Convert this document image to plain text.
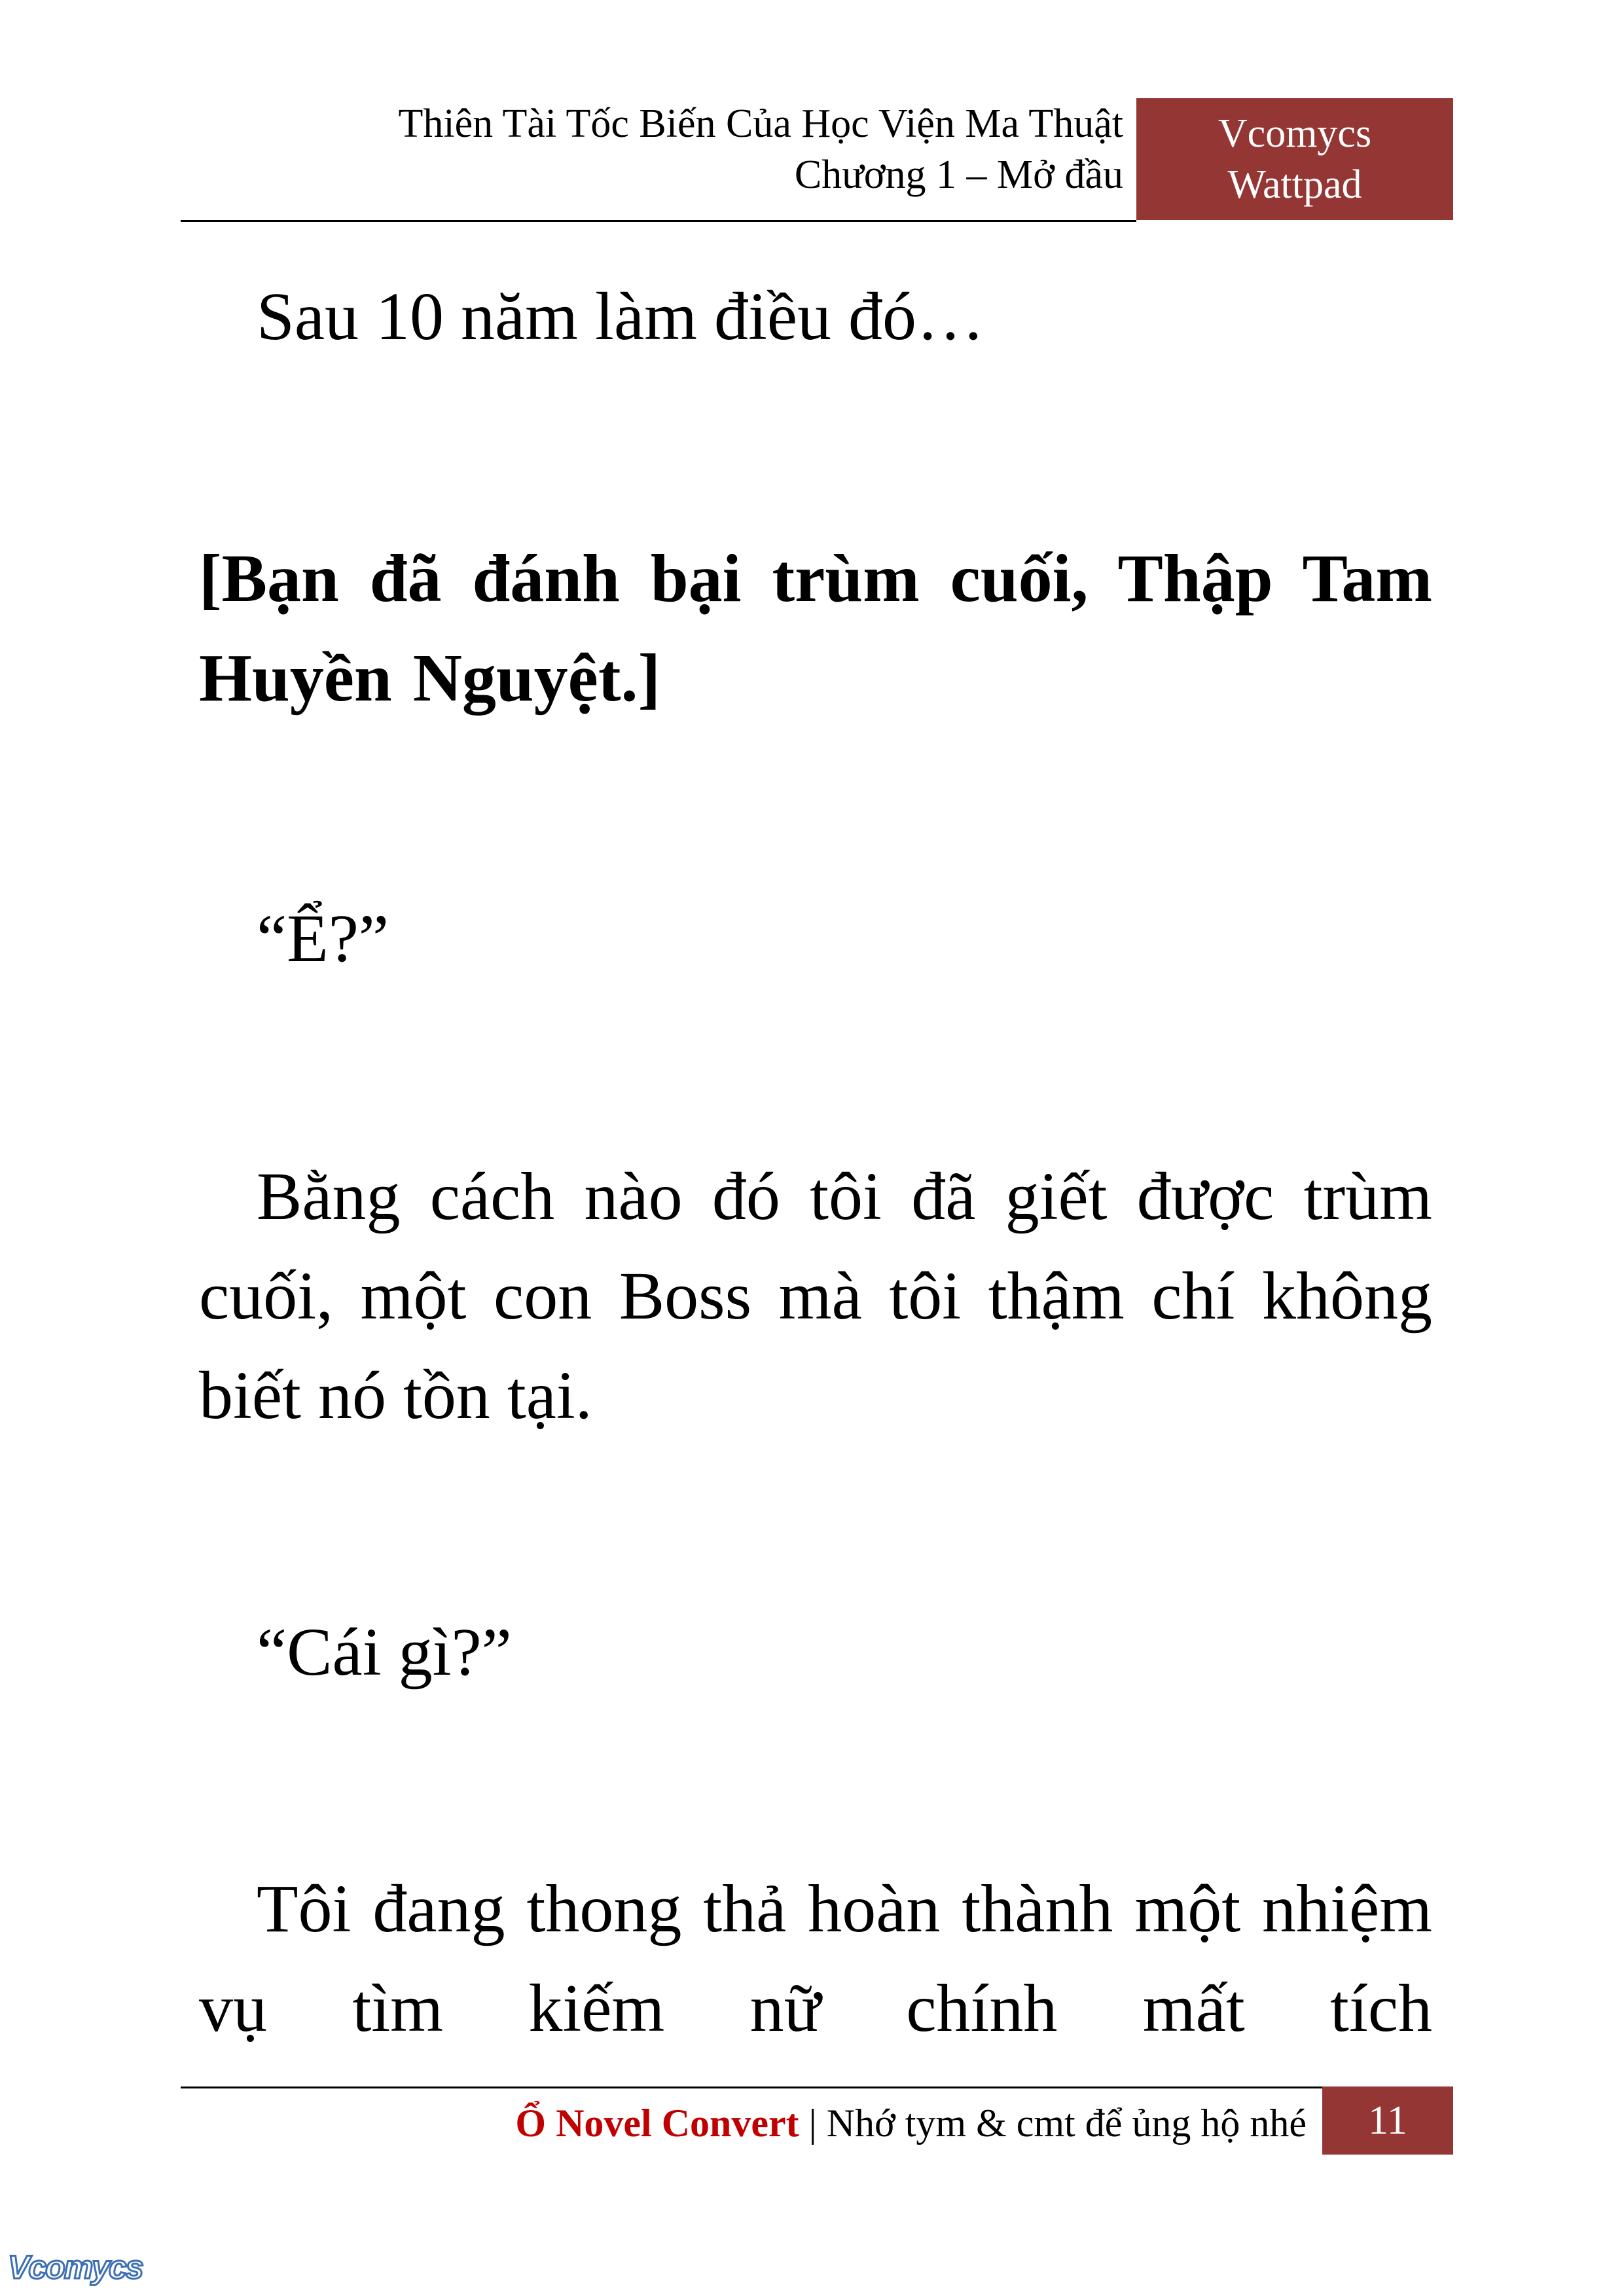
Thiên Tài Tốc Biến Của Học Viện Ma Thuật
Chương 1 – Mở đầu
Vcomycs
Wattpad

Sau 10 năm làm điều đó…

[Bạn đã đánh bại trùm cuối, Thập Tam Huyền Nguyệt.]

“Ể?”

Bằng cách nào đó tôi đã giết được trùm cuối, một con Boss mà tôi thậm chí không biết nó tồn tại.

“Cái gì?”

Tôi đang thong thả hoàn thành một nhiệm vụ tìm kiếm nữ chính mất tích

Ổ Novel Convert | Nhớ tym & cmt để ủng hộ nhé	11
Vcomycs
